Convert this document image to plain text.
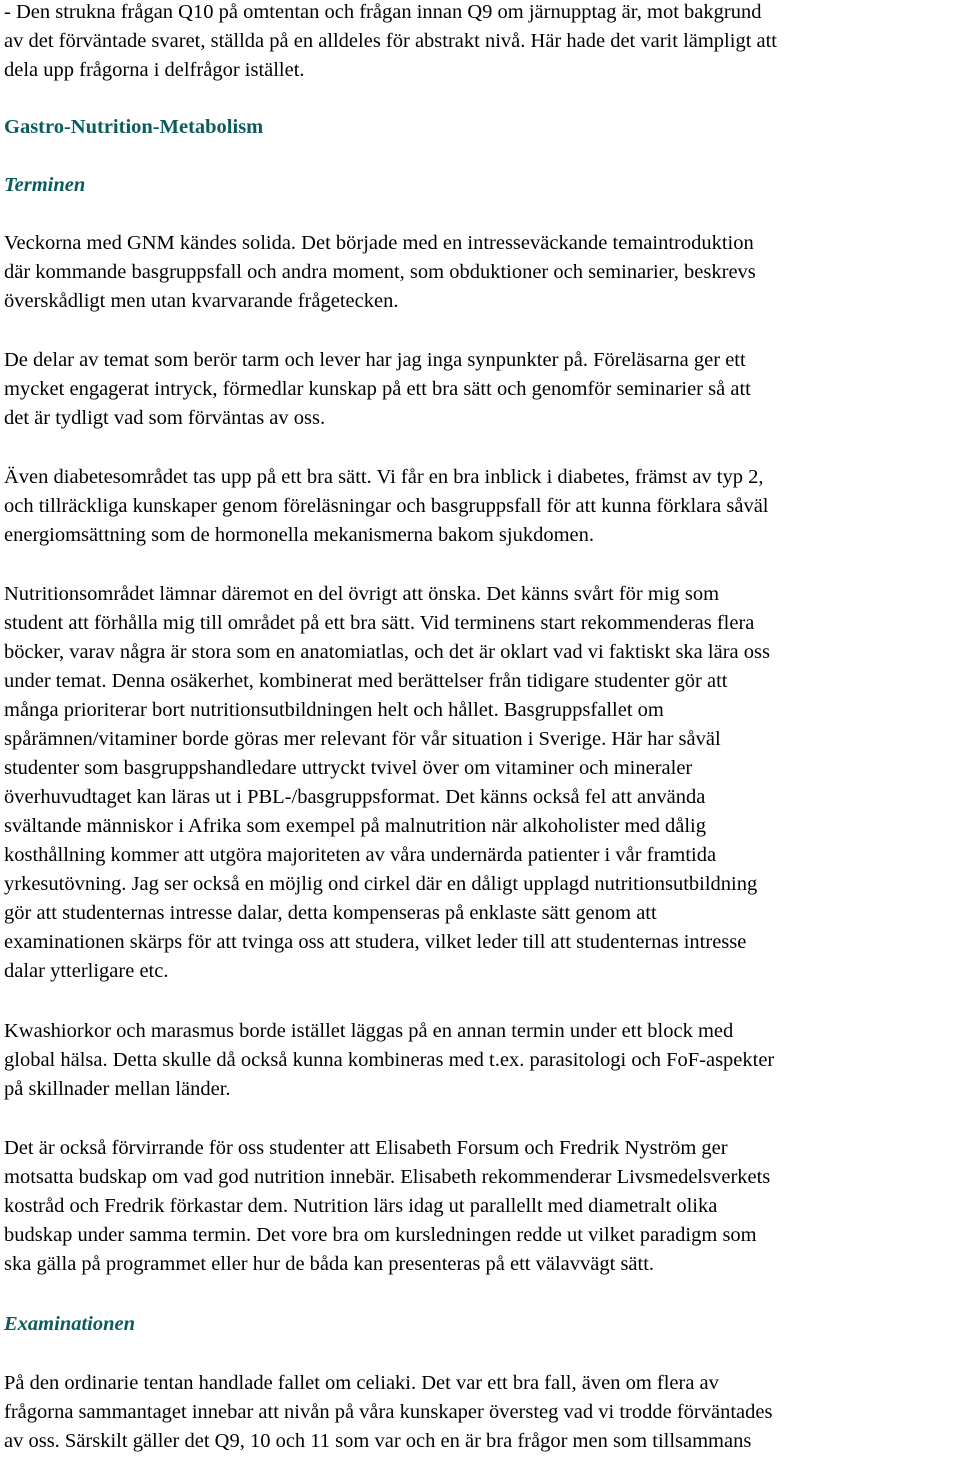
- Den strukna frågan Q10 på omtentan och frågan innan Q9 om järnupptag är, mot bakgrund
av det förväntade svaret, ställda på en alldeles för abstrakt nivå. Här hade det varit lämpligt att
dela upp frågorna i delfrågor istället.

Gastro-Nutrition-Metabolism
Terminen

Veckorna med GNM kändes solida. Det började med en intresseväckande temaintroduktion
där kommande basgruppsfall och andra moment, som obduktioner och seminarier, beskrevs
överskådligt men utan kvarvarande frågetecken.

De delar av temat som berör tarm och lever har jag inga synpunkter på. Föreläsarna ger ett
mycket engagerat intryck, förmedlar kunskap på ett bra sätt och genomför seminarier så att
det är tydligt vad som förväntas av oss.

Även diabetesområdet tas upp på ett bra sätt. Vi får en bra inblick i diabetes, främst av typ 2,
och tillräckliga kunskaper genom föreläsningar och basgruppsfall för att kunna förklara såväl
energiomsättning som de hormonella mekanismerna bakom sjukdomen.

Nutritionsområdet lämnar däremot en del övrigt att önska. Det känns svårt för mig som
student att förhålla mig till området på ett bra sätt. Vid terminens start rekommenderas flera
böcker, varav några är stora som en anatomiatlas, och det är oklart vad vi faktiskt ska lära oss
under temat. Denna osäkerhet, kombinerat med berättelser från tidigare studenter gör att
många prioriterar bort nutritionsutbildningen helt och hållet. Basgruppsfallet om
spårämnen/vitaminer borde göras mer relevant för vår situation i Sverige. Här har såväl
studenter som basgruppshandledare uttryckt tvivel över om vitaminer och mineraler
överhuvudtaget kan läras ut i PBL-/basgruppsformat. Det känns också fel att använda
svältande människor i Afrika som exempel på malnutrition när alkoholister med dålig
kosthållning kommer att utgöra majoriteten av våra undernärda patienter i vår framtida
yrkesutövning. Jag ser också en möjlig ond cirkel där en dåligt upplagd nutritionsutbildning
gör att studenternas intresse dalar, detta kompenseras på enklaste sätt genom att
examinationen skärps för att tvinga oss att studera, vilket leder till att studenternas intresse
dalar ytterligare etc.

Kwashiorkor och marasmus borde istället läggas på en annan termin under ett block med
global hälsa. Detta skulle då också kunna kombineras med t.ex. parasitologi och FoF-aspekter
på skillnader mellan länder.

Det är också förvirrande för oss studenter att Elisabeth Forsum och Fredrik Nyström ger
motsatta budskap om vad god nutrition innebär. Elisabeth rekommenderar Livsmedelsverkets
kostråd och Fredrik förkastar dem. Nutrition lärs idag ut parallellt med diametralt olika
budskap under samma termin. Det vore bra om kursledningen redde ut vilket paradigm som
ska gälla på programmet eller hur de båda kan presenteras på ett välavvägt sätt.

Examinationen

På den ordinarie tentan handlade fallet om celiaki. Det var ett bra fall, även om flera av
frågorna sammantaget innebar att nivån på våra kunskaper översteg vad vi trodde förväntades
av oss. Särskilt gäller det Q9, 10 och 11 som var och en är bra frågor men som tillsammans
